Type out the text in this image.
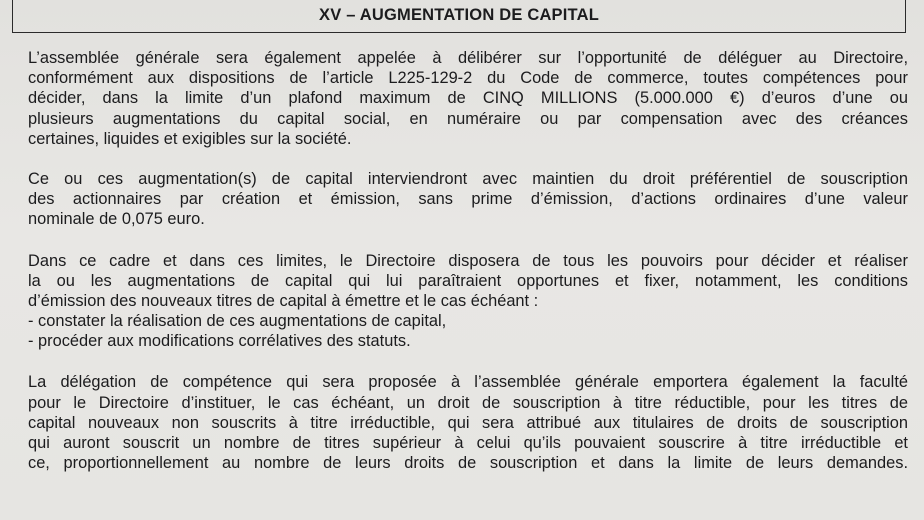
XV – AUGMENTATION DE CAPITAL
L’assemblée générale sera également appelée à délibérer sur l’opportunité de déléguer au Directoire,
conformément aux dispositions de l’article L225-129-2 du Code de commerce, toutes compétences pour
décider, dans la limite d’un plafond maximum de CINQ MILLIONS (5.000.000 €) d’euros d’une ou
plusieurs augmentations du capital social, en numéraire ou par compensation avec des créances
certaines, liquides et exigibles sur la société.
Ce ou ces augmentation(s) de capital interviendront avec maintien du droit préférentiel de souscription
des actionnaires par création et émission, sans prime d’émission, d’actions ordinaires d’une valeur
nominale de 0,075 euro.
Dans ce cadre et dans ces limites, le Directoire disposera de tous les pouvoirs pour décider et réaliser
la ou les augmentations de capital qui lui paraîtraient opportunes et fixer, notamment, les conditions
d’émission des nouveaux titres de capital à émettre et le cas échéant :
- constater la réalisation de ces augmentations de capital,
- procéder aux modifications corrélatives des statuts.
La délégation de compétence qui sera proposée à l’assemblée générale emportera également la faculté
pour le Directoire d’instituer, le cas échéant, un droit de souscription à titre réductible, pour les titres de
capital nouveaux non souscrits à titre irréductible, qui sera attribué aux titulaires de droits de souscription
qui auront souscrit un nombre de titres supérieur à celui qu’ils pouvaient souscrire à titre irréductible et
ce, proportionnellement au nombre de leurs droits de souscription et dans la limite de leurs demandes.
